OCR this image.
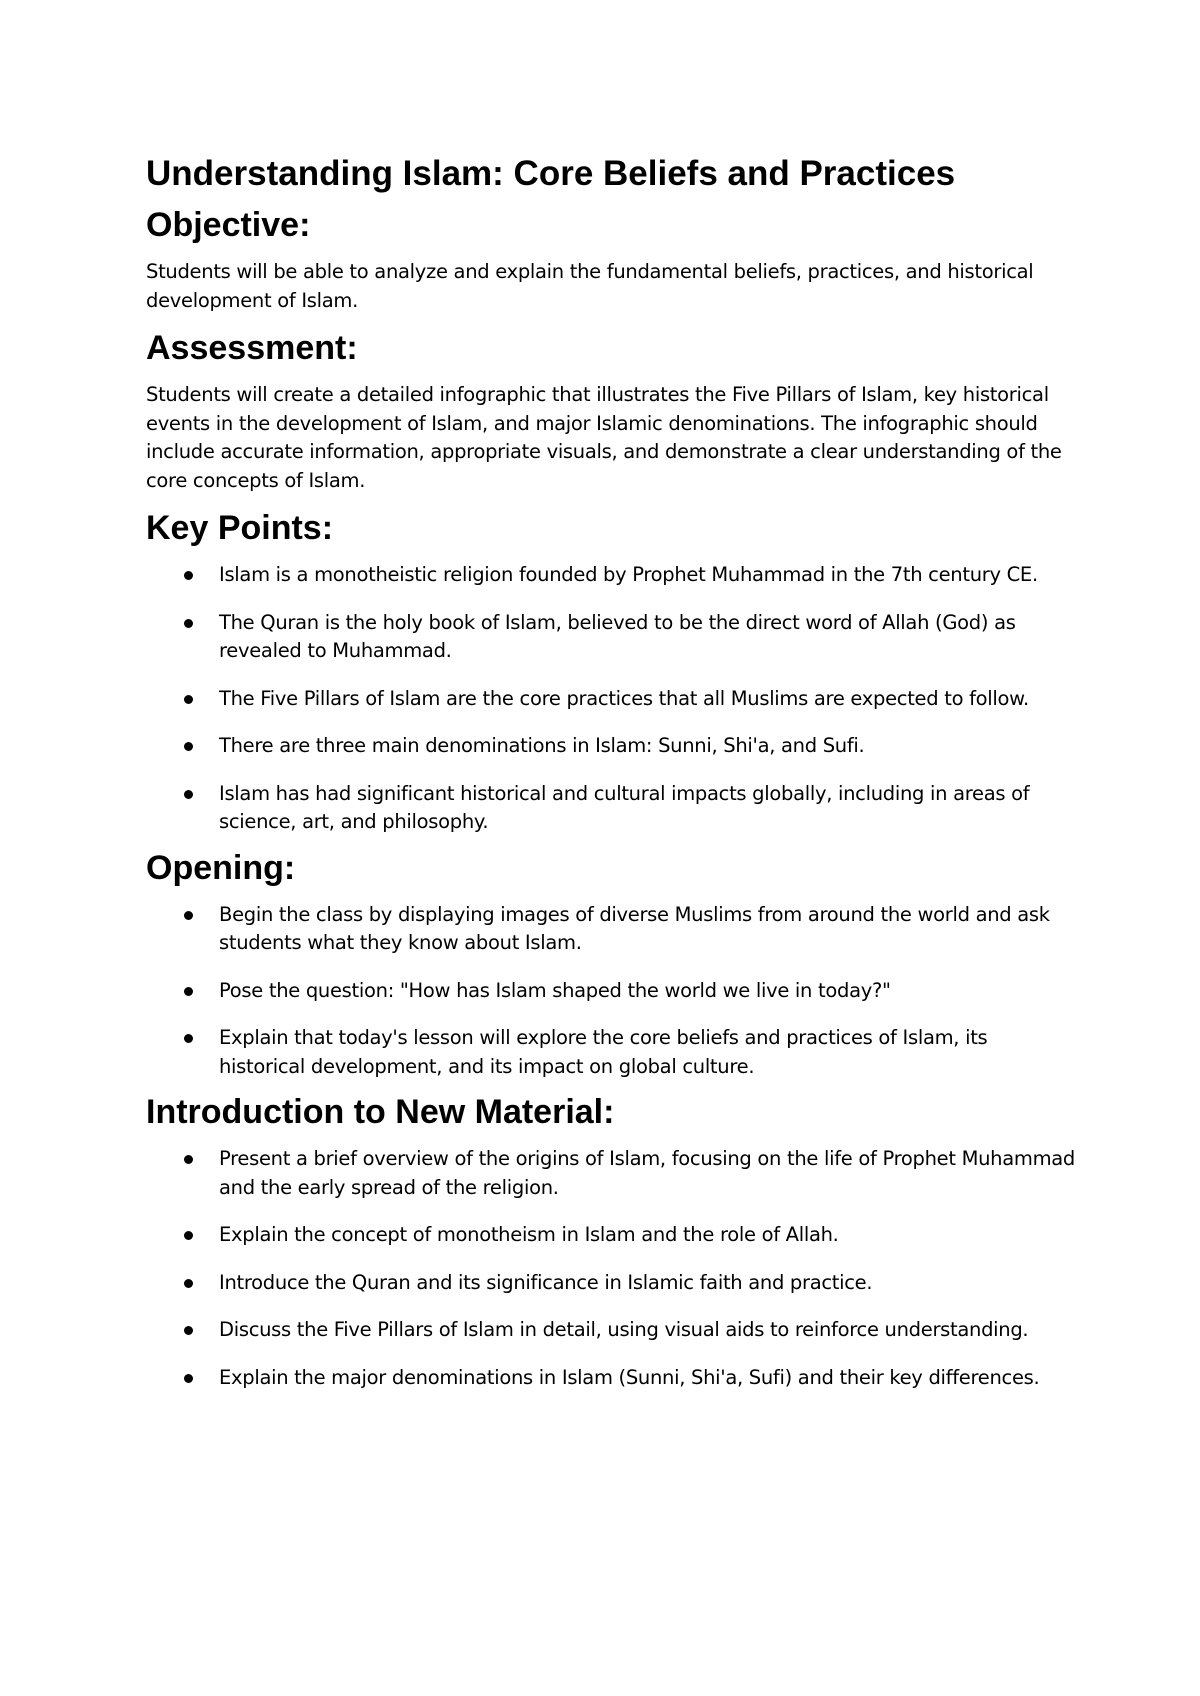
Understanding Islam: Core Beliefs and Practices
Objective:

Students will be able to analyze and explain the fundamental beliefs, practices, and historical development of Islam.

Assessment:

Students will create a detailed infographic that illustrates the Five Pillars of Islam, key historical events in the development of Islam, and major Islamic denominations. The infographic should include accurate information, appropriate visuals, and demonstrate a clear understanding of the core concepts of Islam.

Key Points:
Islam is a monotheistic religion founded by Prophet Muhammad in the 7th century CE.
The Quran is the holy book of Islam, believed to be the direct word of Allah (God) as revealed to Muhammad.
The Five Pillars of Islam are the core practices that all Muslims are expected to follow.
There are three main denominations in Islam: Sunni, Shi'a, and Sufi.
Islam has had significant historical and cultural impacts globally, including in areas of science, art, and philosophy.
Opening:
Begin the class by displaying images of diverse Muslims from around the world and ask students what they know about Islam.
Pose the question: "How has Islam shaped the world we live in today?"
Explain that today's lesson will explore the core beliefs and practices of Islam, its historical development, and its impact on global culture.
Introduction to New Material:
Present a brief overview of the origins of Islam, focusing on the life of Prophet Muhammad and the early spread of the religion.
Explain the concept of monotheism in Islam and the role of Allah.
Introduce the Quran and its significance in Islamic faith and practice.
Discuss the Five Pillars of Islam in detail, using visual aids to reinforce understanding.
Explain the major denominations in Islam (Sunni, Shi'a, Sufi) and their key differences.
